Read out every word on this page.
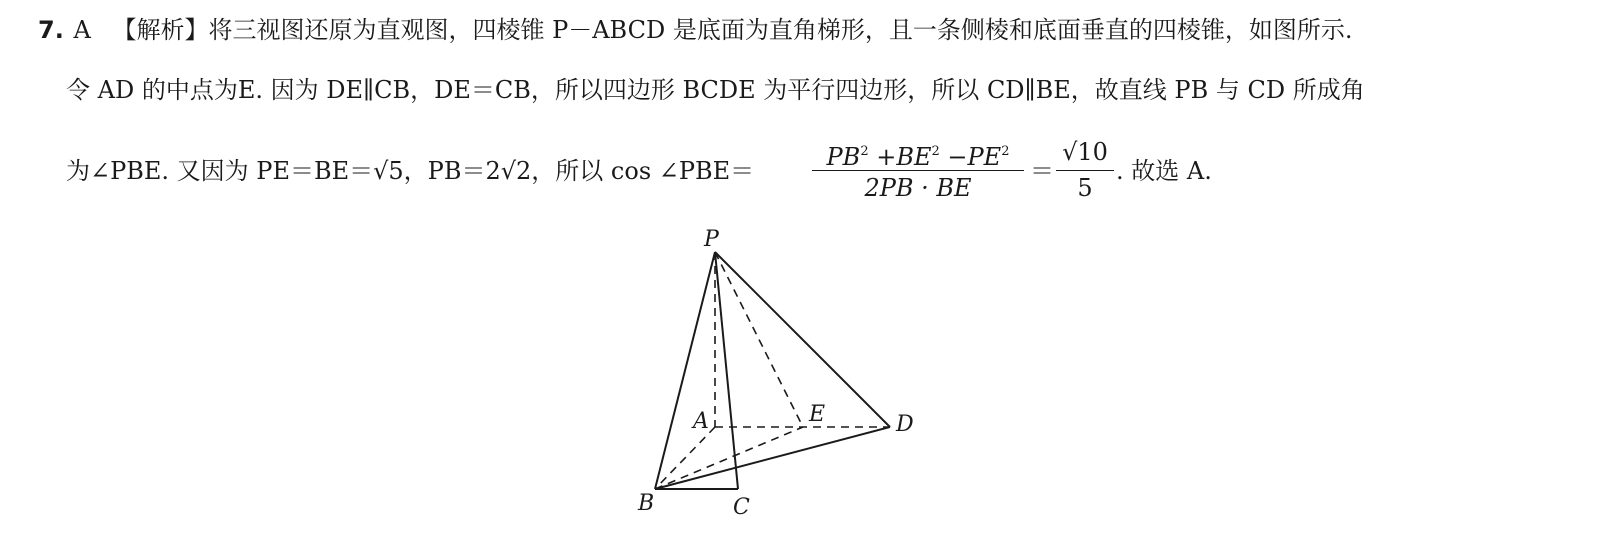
7. A 【解析】将三视图还原为直观图，四棱锥 P－ABCD 是底面为直角梯形，且一条侧棱和底面垂直的四棱锥，如图所示.
令 AD 的中点为E. 因为 DE∥CB，DE＝CB，所以四边形 BCDE 为平行四边形，所以 CD∥BE，故直线 PB 与 CD 所成角
为∠PBE. 又因为 PE＝BE＝√5，PB＝2√2，所以 cos ∠PBE＝	$PB^2 +BE^2 -PE^2$
2PB · BE
＝
√10
5
. 故选 A.
P
A	E	D
B	C
